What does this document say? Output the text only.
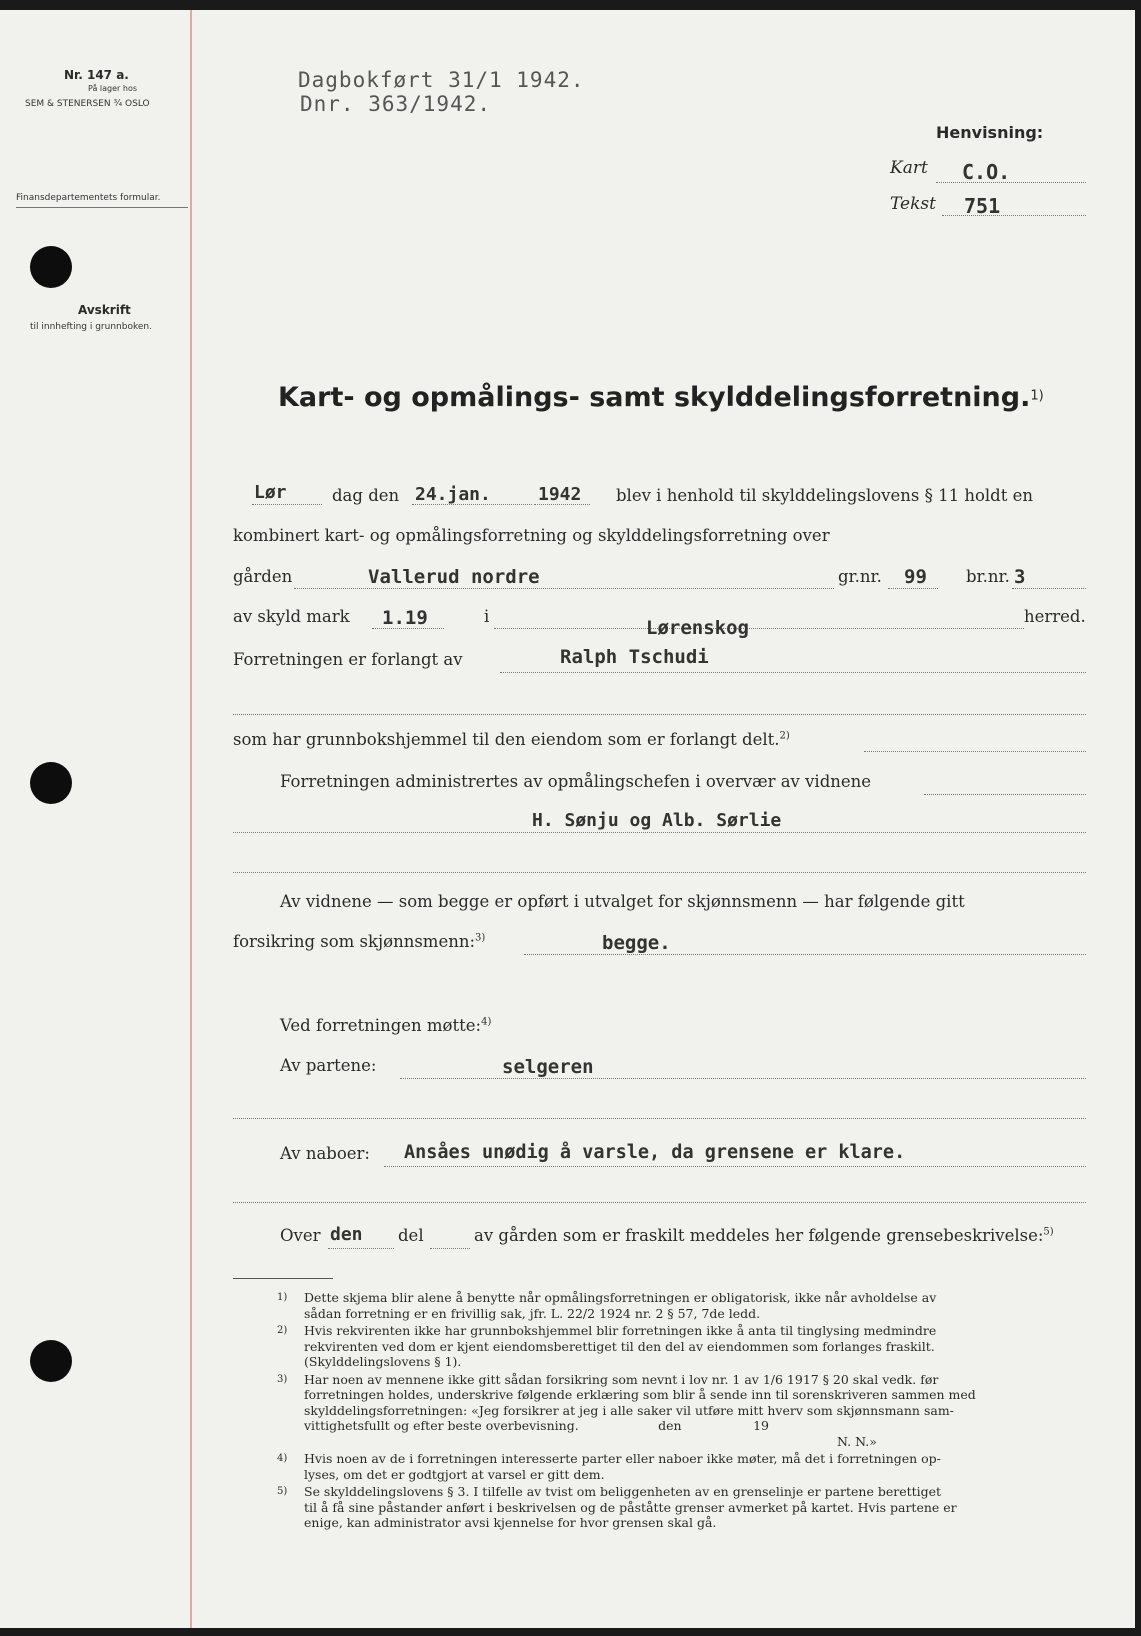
Nr. 147 a.
På lager hos
SEM & STENERSEN ¾ OSLO
Finansdepartementets formular.
Avskrift
til innhefting i grunnboken.
Dagbokført 31/1 1942.
Dnr. 363/1942.
Henvisning:
Kart C.O.
Tekst 751
Kart- og opmålings- samt skylddelingsforretning.$^{1)}$
Lør	dag den 24.jan.	1942 blev i henhold til skylddelingslovens § 11 holdt en
kombinert kart- og opmålingsforretning og skylddelingsforretning over
gården	Vallerud nordre	gr.nr. 99 br.nr. 3
av skyld mark 1.19	i
Lørenskog
herred.
Forretningen er forlangt av	Ralph Tschudi
som har grunnbokshjemmel til den eiendom som er forlangt delt.$^{2)}$
Forretningen administrertes av opmålingschefen i overvær av vidnene
H. Sønju og Alb. Sørlie
Av vidnene — som begge er opført i utvalget for skjønnsmenn — har følgende gitt
forsikring som skjønnsmenn:$^{3)}$	begge.
Ved forretningen møtte:$^{4)}$
Av partene:	selgeren
Av naboer: Ansåes unødig å varsle, da grensene er klare.
Over den del	av gården som er fraskilt meddeles her følgende grensebeskrivelse:$^{5)}$
1) Dette skjema blir alene å benytte når opmålingsforretningen er obligatorisk, ikke når avholdelse av
sådan forretning er en frivillig sak, jfr. L. 22/2 1924 nr. 2 § 57, 7de ledd.
2) Hvis rekvirenten ikke har grunnbokshjemmel blir forretningen ikke å anta til tinglysing medmindre
rekvirenten ved dom er kjent eiendomsberettiget til den del av eiendommen som forlanges fraskilt.
(Skylddelingslovens § 1).
3) Har noen av mennene ikke gitt sådan forsikring som nevnt i lov nr. 1 av 1/6 1917 § 20 skal vedk. før
forretningen holdes, underskrive følgende erklæring som blir å sende inn til sorenskriveren sammen med
skylddelingsforretningen: «Jeg forsikrer at jeg i alle saker vil utføre mitt hverv som skjønnsmann sam-
vittighetsfullt og efter beste overbevisning.                    den                  19
N. N.»
4) Hvis noen av de i forretningen interesserte parter eller naboer ikke møter, må det i forretningen op-
lyses, om det er godtgjort at varsel er gitt dem.
5) Se skylddelingslovens § 3. I tilfelle av tvist om beliggenheten av en grenselinje er partene berettiget
til å få sine påstander anført i beskrivelsen og de påståtte grenser avmerket på kartet. Hvis partene er
enige, kan administrator avsi kjennelse for hvor grensen skal gå.
